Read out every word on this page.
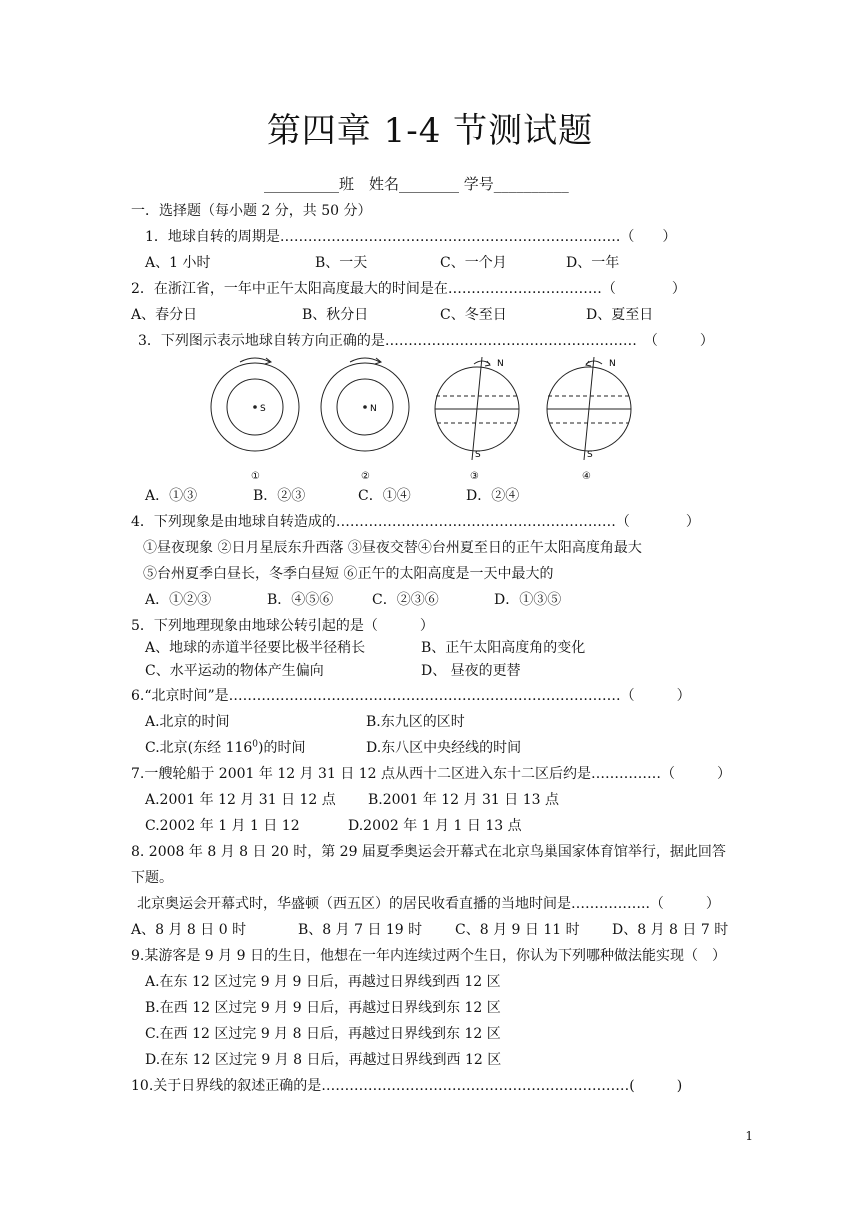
第四章 1-4 节测试题
__________班　姓名________ 学号__________
一．选择题（每小题 2 分，共 50 分）
1．地球自转的周期是……………………………………………………………….（　　）
A、1 小时	B、一天	C、一个月	D、一年
2．在浙江省，一年中正午太阳高度最大的时间是在……………………………（　　　　）
A、春分日	B、秋分日	C、冬至日	D、夏至日
3．下列图示表示地球自转方向正确的是………………………………………………　（　　　）
S	N
N
S
N
S
①	②	③	④
A．①③	B．②③	C．①④	D．②④
4．下列现象是由地球自转造成的……………………………………………………（　　　　）
①昼夜现象 ②日月星辰东升西落 ③昼夜交替④台州夏至日的正午太阳高度角最大
⑤台州夏季白昼长，冬季白昼短 ⑥正午的太阳高度是一天中最大的
A．①②③	B．④⑤⑥	C．②③⑥	D．①③⑤
5．下列地理现象由地球公转引起的是（　　　）
A、地球的赤道半径要比极半径稍长	B、正午太阳高度角的变化
C、水平运动的物体产生偏向	D、 昼夜的更替
6.“北京时间”是…………………………………………………………………………（　　　）
A.北京的时间	B.东九区的区时
C.北京(东经 $116^0$)的时间	D.东八区中央经线的时间
7.一艘轮船于 2001 年 12 月 31 日 12 点从西十二区进入东十二区后约是……………（　　　）
A.2001 年 12 月 31 日 12 点 B.2001 年 12 月 31 日 13 点
C.2002 年 1 月 1 日 12	D.2002 年 1 月 1 日 13 点
8. 2008 年 8 月 8 日 20 时，第 29 届夏季奥运会开幕式在北京鸟巢国家体育馆举行，据此回答
下题。
北京奥运会开幕式时，华盛顿（西五区）的居民收看直播的当地时间是……………..（　　　）
A、8 月 8 日 0 时	B、8 月 7 日 19 时 C、8 月 9 日 11 时 D、8 月 8 日 7 时
9.某游客是 9 月 9 日的生日，他想在一年内连续过两个生日，你认为下列哪种做法能实现（　）
A.在东 12 区过完 9 月 9 日后，再越过日界线到西 12 区
B.在西 12 区过完 9 月 9 日后，再越过日界线到东 12 区
C.在西 12 区过完 9 月 8 日后，再越过日界线到东 12 区
D.在东 12 区过完 9 月 8 日后，再越过日界线到西 12 区
10.关于日界线的叙述正确的是…………………………………………………………(　　　)
1
